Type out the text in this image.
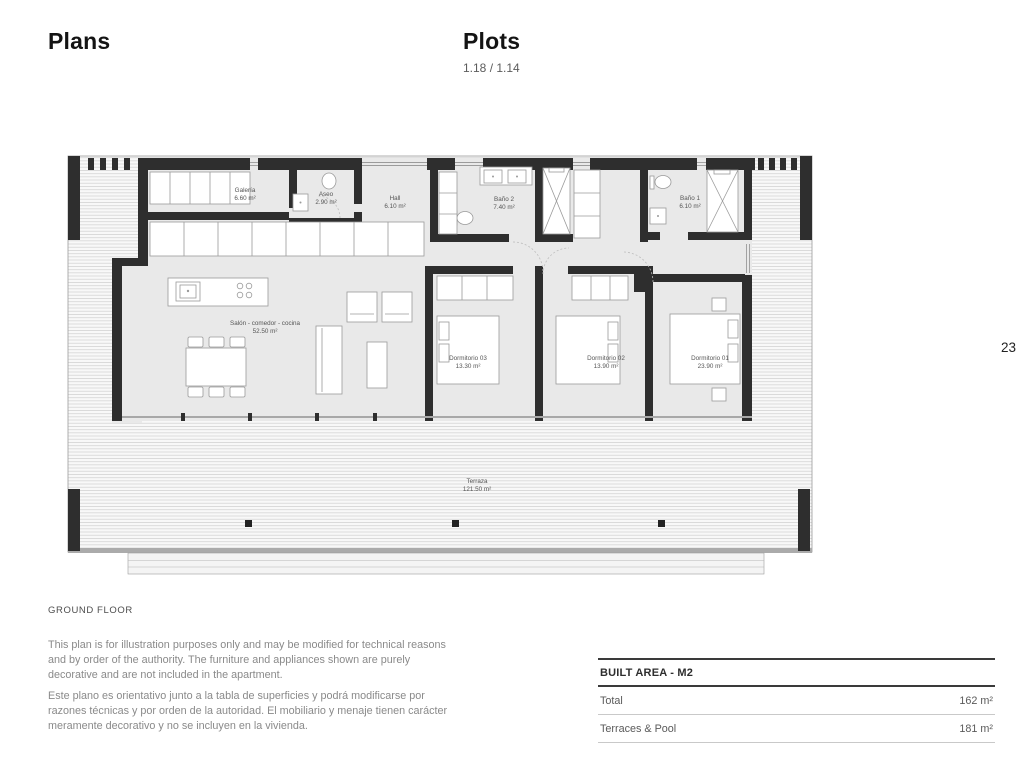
Plans	Plots
1.18 / 1.14
23
Galería
6.60 m²
Aseo
2.90 m²
Hall
6.10 m²
Baño 2
7.40 m²
Baño 1
6.10 m²
Salón - comedor - cocina
52.50 m²
Dormitorio 03
13.30 m²
Dormitorio 02
13.90 m²
Dormitorio 01
23.90 m²
Terraza
121.50 m²
GROUND FLOOR
This plan is for illustration purposes only and may be modified for technical reasons and by order of the authority. The furniture and appliances shown are purely decorative and are not included in the apartment.
Este plano es orientativo junto a la tabla de superficies y podrá modificarse por razones técnicas y por orden de la autoridad. El mobiliario y menaje tienen carácter meramente decorativo y no se incluyen en la vivienda.
BUILT AREA - M2
Total	162 m²
Terraces & Pool	181 m²
